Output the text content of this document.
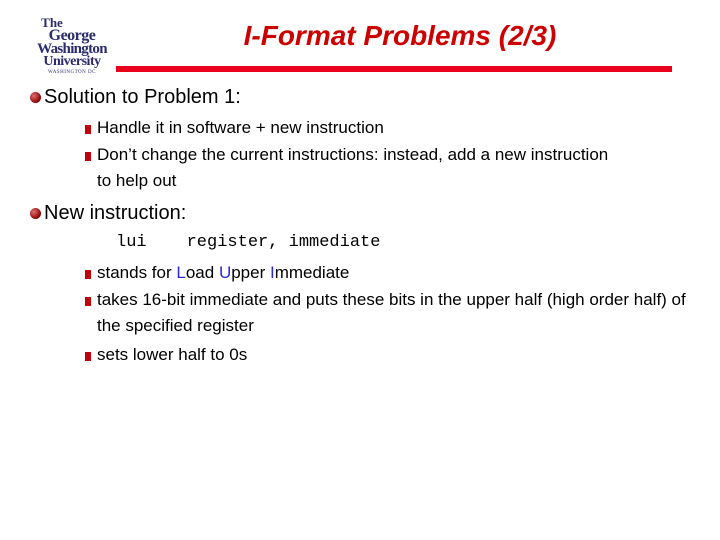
The
George
Washington
University
WASHINGTON DC
I-Format Problems (2/3)
Solution to Problem 1:
Handle it in software + new instruction
Don’t change the current instructions: instead, add a new instruction to help out
New instruction:
lui register, immediate
stands for Load Upper Immediate
takes 16-bit immediate and puts these bits in the upper half (high order half) of the specified register
sets lower half to 0s
